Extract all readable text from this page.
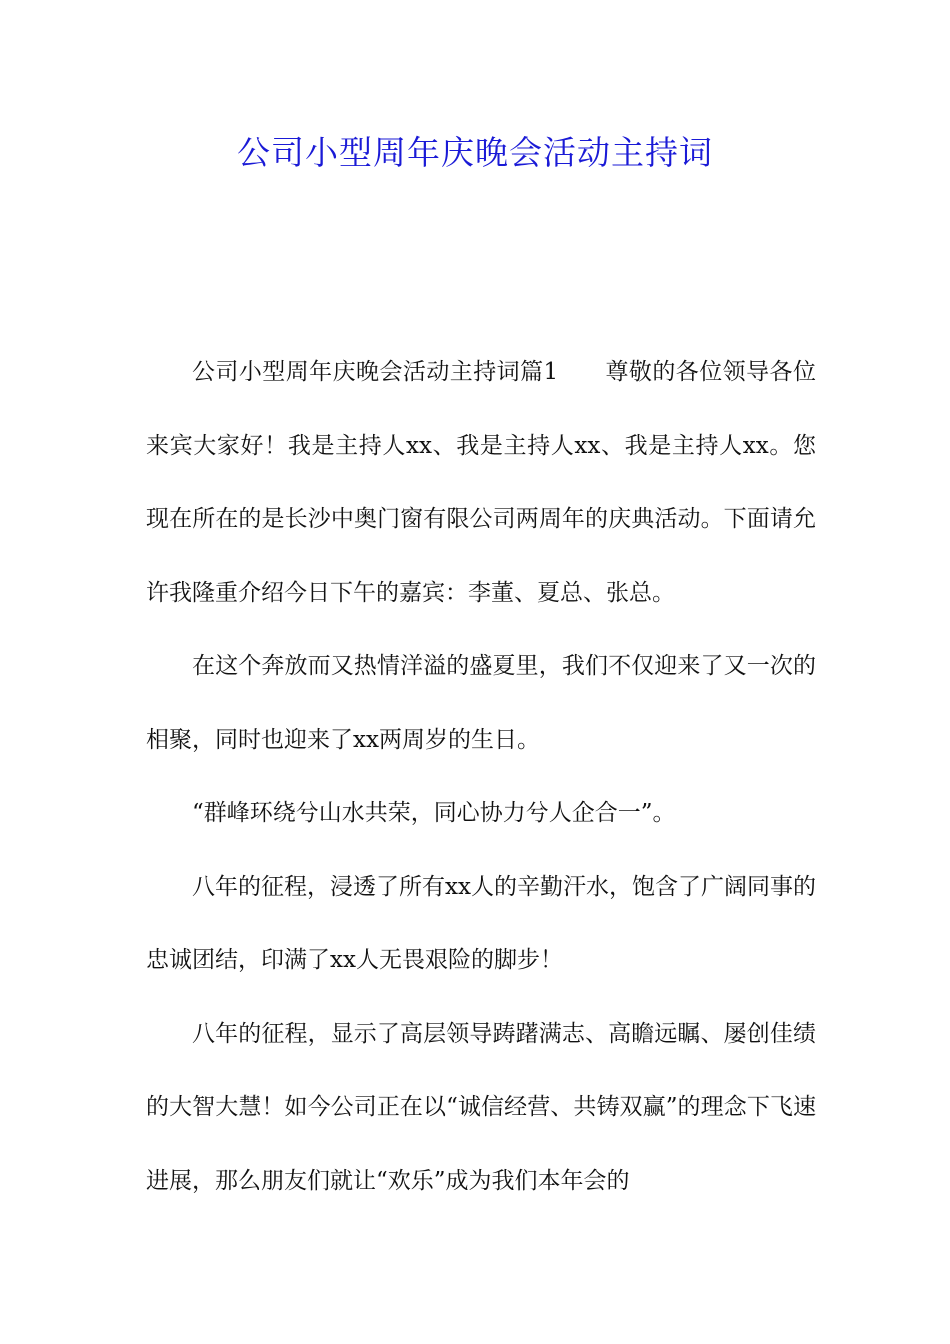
公司小型周年庆晚会活动主持词

公司小型周年庆晚会活动主持词篇1　　尊敬的各位领导各位来宾大家好！我是主持人xx、我是主持人xx、我是主持人xx。您现在所在的是长沙中奥门窗有限公司两周年的庆典活动。下面请允许我隆重介绍今日下午的嘉宾：李董、夏总、张总。

在这个奔放而又热情洋溢的盛夏里，我们不仅迎来了又一次的相聚，同时也迎来了xx两周岁的生日。

“群峰环绕兮山水共荣，同心协力兮人企合一”。

八年的征程，浸透了所有xx人的辛勤汗水，饱含了广阔同事的忠诚团结，印满了xx人无畏艰险的脚步！

八年的征程，显示了高层领导踌躇满志、高瞻远瞩、屡创佳绩的大智大慧！如今公司正在以“诚信经营、共铸双赢”的理念下飞速进展，那么朋友们就让“欢乐”成为我们本年会的
